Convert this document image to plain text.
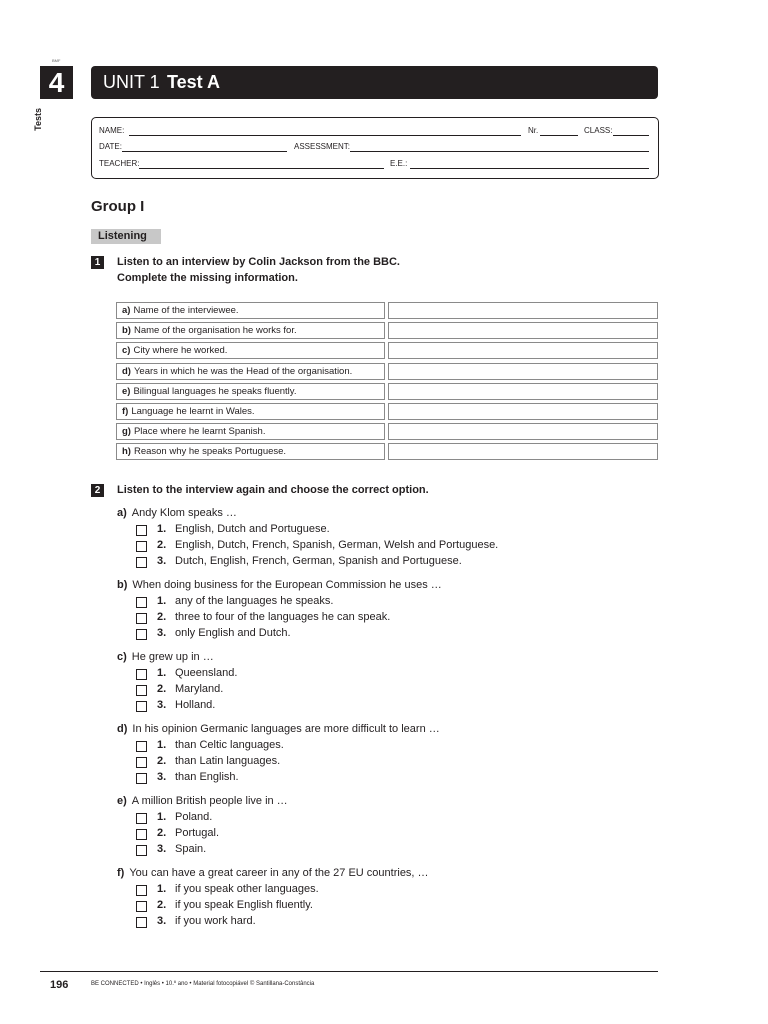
BMF
4
Tests
UNIT 1 Test A
NAME:	Nr.	CLASS:
DATE:	ASSESSMENT:
TEACHER:	E.E.:
Group I
Listening
1	Listen to an interview by Colin Jackson from the BBC.
Complete the missing information.
a) Name of the interviewee.
b) Name of the organisation he works for.
c) City where he worked.
d) Years in which he was the Head of the organisation.
e) Bilingual languages he speaks fluently.
f) Language he learnt in Wales.
g) Place where he learnt Spanish.
h) Reason why he speaks Portuguese.
2	Listen to the interview again and choose the correct option.
a) Andy Klom speaks …
1. English, Dutch and Portuguese.
2. English, Dutch, French, Spanish, German, Welsh and Portuguese.
3. Dutch, English, French, German, Spanish and Portuguese.
b) When doing business for the European Commission he uses …
1. any of the languages he speaks.
2. three to four of the languages he can speak.
3. only English and Dutch.
c) He grew up in …
1. Queensland.
2. Maryland.
3. Holland.
d) In his opinion Germanic languages are more difficult to learn …
1. than Celtic languages.
2. than Latin languages.
3. than English.
e) A million British people live in …
1. Poland.
2. Portugal.
3. Spain.
f) You can have a great career in any of the 27 EU countries, …
1. if you speak other languages.
2. if you speak English fluently.
3. if you work hard.
196	BE CONNECTED • Inglês • 10.º ano • Material fotocopiável © Santillana-Constância
